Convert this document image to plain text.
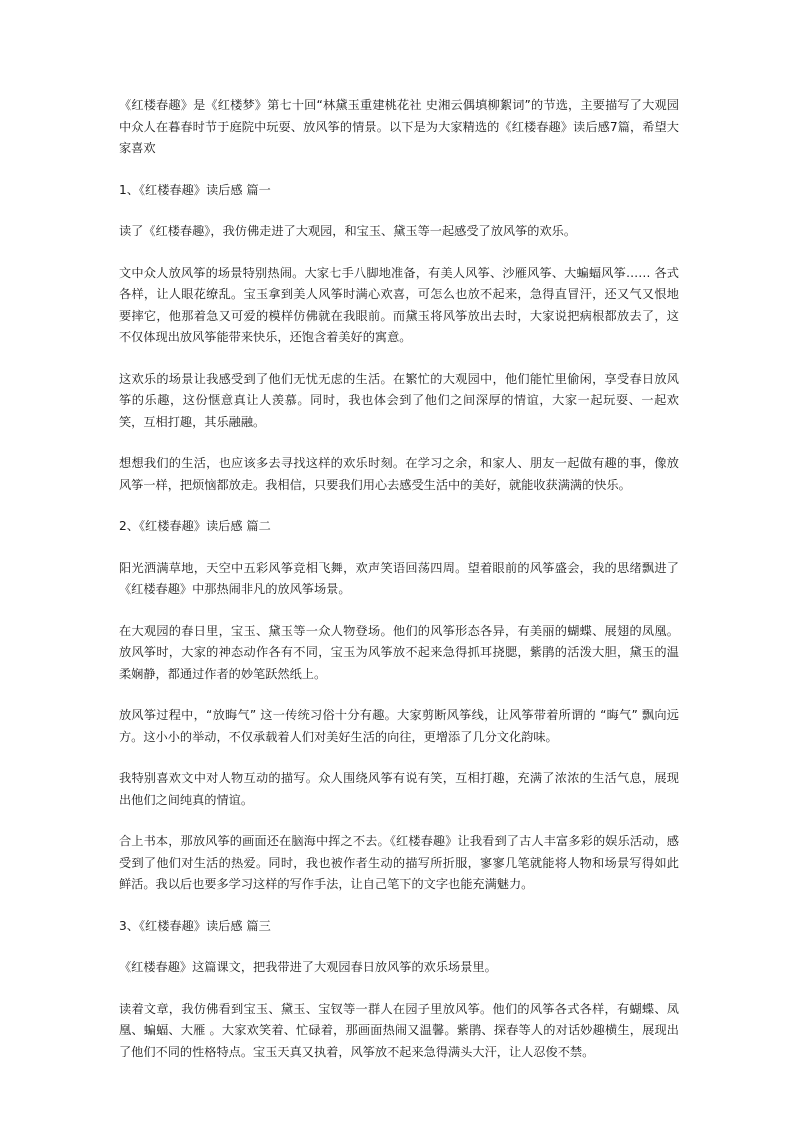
《红楼春趣》是《红楼梦》第七十回“林黛玉重建桃花社 史湘云偶填柳絮词”的节选，主要描写了大观园中众人在暮春时节于庭院中玩耍、放风筝的情景。以下是为大家精选的《红楼春趣》读后感7篇，希望大家喜欢

1、《红楼春趣》读后感 篇一

读了《红楼春趣》，我仿佛走进了大观园，和宝玉、黛玉等一起感受了放风筝的欢乐。

文中众人放风筝的场景特别热闹。大家七手八脚地准备，有美人风筝、沙雁风筝、大蝙蝠风筝…… 各式各样，让人眼花缭乱。宝玉拿到美人风筝时满心欢喜，可怎么也放不起来，急得直冒汗，还又气又恨地要摔它，他那着急又可爱的模样仿佛就在我眼前。而黛玉将风筝放出去时，大家说把病根都放去了，这不仅体现出放风筝能带来快乐，还饱含着美好的寓意。

这欢乐的场景让我感受到了他们无忧无虑的生活。在繁忙的大观园中，他们能忙里偷闲，享受春日放风筝的乐趣，这份惬意真让人羡慕。同时，我也体会到了他们之间深厚的情谊，大家一起玩耍、一起欢笑，互相打趣，其乐融融。

想想我们的生活，也应该多去寻找这样的欢乐时刻。在学习之余，和家人、朋友一起做有趣的事，像放风筝一样，把烦恼都放走。我相信，只要我们用心去感受生活中的美好，就能收获满满的快乐。

2、《红楼春趣》读后感 篇二

阳光洒满草地，天空中五彩风筝竞相飞舞，欢声笑语回荡四周。望着眼前的风筝盛会，我的思绪飘进了《红楼春趣》中那热闹非凡的放风筝场景。

在大观园的春日里，宝玉、黛玉等一众人物登场。他们的风筝形态各异，有美丽的蝴蝶、展翅的凤凰。放风筝时，大家的神态动作各有不同，宝玉为风筝放不起来急得抓耳挠腮，紫鹃的活泼大胆，黛玉的温柔娴静，都通过作者的妙笔跃然纸上。

放风筝过程中，“放晦气” 这一传统习俗十分有趣。大家剪断风筝线，让风筝带着所谓的 “晦气” 飘向远方。这小小的举动，不仅承载着人们对美好生活的向往，更增添了几分文化韵味。

我特别喜欢文中对人物互动的描写。众人围绕风筝有说有笑，互相打趣，充满了浓浓的生活气息，展现出他们之间纯真的情谊。

合上书本，那放风筝的画面还在脑海中挥之不去。《红楼春趣》让我看到了古人丰富多彩的娱乐活动，感受到了他们对生活的热爱。同时，我也被作者生动的描写所折服，寥寥几笔就能将人物和场景写得如此鲜活。我以后也要多学习这样的写作手法，让自己笔下的文字也能充满魅力。

3、《红楼春趣》读后感 篇三

《红楼春趣》这篇课文，把我带进了大观园春日放风筝的欢乐场景里。

读着文章，我仿佛看到宝玉、黛玉、宝钗等一群人在园子里放风筝。他们的风筝各式各样，有蝴蝶、凤凰、蝙蝠、大雁 。大家欢笑着、忙碌着，那画面热闹又温馨。紫鹃、探春等人的对话妙趣横生，展现出了他们不同的性格特点。宝玉天真又执着，风筝放不起来急得满头大汗，让人忍俊不禁。
